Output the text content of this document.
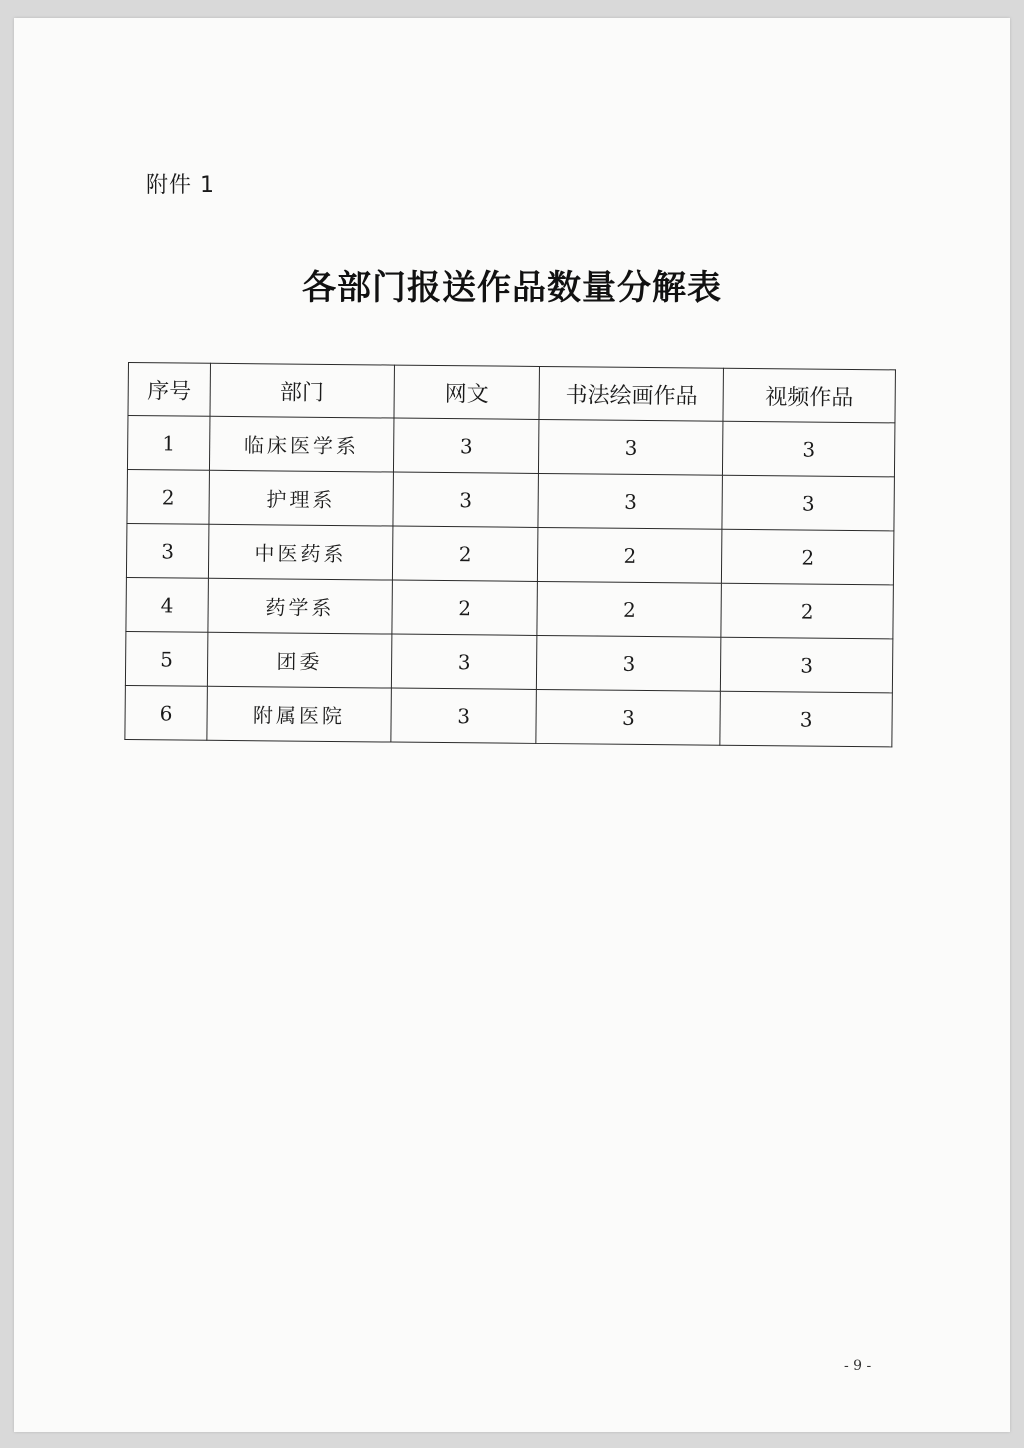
附件 1
各部门报送作品数量分解表
序号	部门	网文	书法绘画作品	视频作品
1	临床医学系	3	3	3
2	护理系	3	3	3
3	中医药系	2	2	2
4	药学系	2	2	2
5	团委	3	3	3
6	附属医院	3	3	3
- 9 -
